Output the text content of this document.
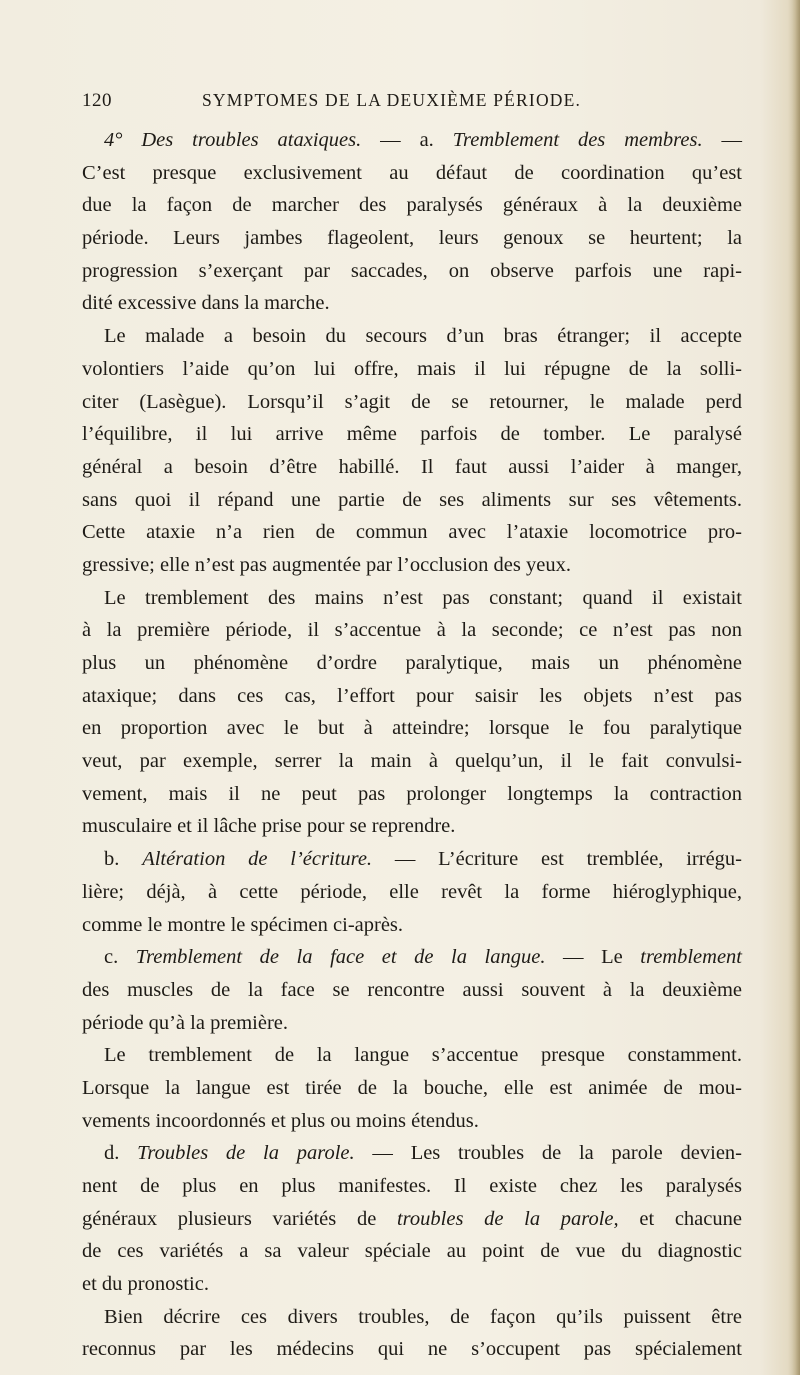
120	SYMPTOMES DE LA DEUXIÈME PÉRIODE.
4° Des troubles ataxiques. — a. Tremblement des membres. —
C’est presque exclusivement au défaut de coordination qu’est
due la façon de marcher des paralysés généraux à la deuxième
période. Leurs jambes flageolent, leurs genoux se heurtent; la
progression s’exerçant par saccades, on observe parfois une rapi-
dité excessive dans la marche.
Le malade a besoin du secours d’un bras étranger; il accepte
volontiers l’aide qu’on lui offre, mais il lui répugne de la solli-
citer (Lasègue). Lorsqu’il s’agit de se retourner, le malade perd
l’équilibre, il lui arrive même parfois de tomber. Le paralysé
général a besoin d’être habillé. Il faut aussi l’aider à manger,
sans quoi il répand une partie de ses aliments sur ses vêtements.
Cette ataxie n’a rien de commun avec l’ataxie locomotrice pro-
gressive; elle n’est pas augmentée par l’occlusion des yeux.
Le tremblement des mains n’est pas constant; quand il existait
à la première période, il s’accentue à la seconde; ce n’est pas non
plus un phénomène d’ordre paralytique, mais un phénomène
ataxique; dans ces cas, l’effort pour saisir les objets n’est pas
en proportion avec le but à atteindre; lorsque le fou paralytique
veut, par exemple, serrer la main à quelqu’un, il le fait convulsi-
vement, mais il ne peut pas prolonger longtemps la contraction
musculaire et il lâche prise pour se reprendre.
b. Altération de l’écriture. — L’écriture est tremblée, irrégu-
lière; déjà, à cette période, elle revêt la forme hiéroglyphique,
comme le montre le spécimen ci-après.
c. Tremblement de la face et de la langue. — Le tremblement
des muscles de la face se rencontre aussi souvent à la deuxième
période qu’à la première.
Le tremblement de la langue s’accentue presque constamment.
Lorsque la langue est tirée de la bouche, elle est animée de mou-
vements incoordonnés et plus ou moins étendus.
d. Troubles de la parole. — Les troubles de la parole devien-
nent de plus en plus manifestes. Il existe chez les paralysés
généraux plusieurs variétés de troubles de la parole, et chacune
de ces variétés a sa valeur spéciale au point de vue du diagnostic
et du pronostic.
Bien décrire ces divers troubles, de façon qu’ils puissent être
reconnus par les médecins qui ne s’occupent pas spécialement
